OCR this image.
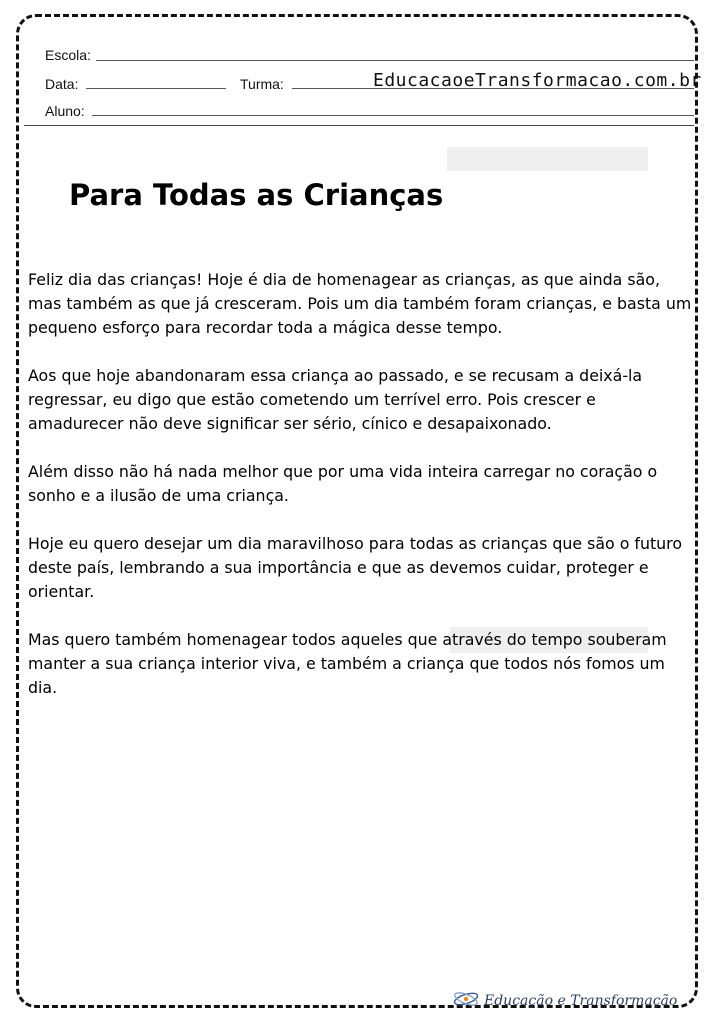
Escola:
Data:	Turma:	EducacaoeTransformacao.com.br
Aluno:
Para Todas as Crianças

Feliz dia das crianças! Hoje é dia de homenagear as crianças, as que ainda são, mas também as que já cresceram. Pois um dia também foram crianças, e basta um pequeno esforço para recordar toda a mágica desse tempo.

Aos que hoje abandonaram essa criança ao passado, e se recusam a deixá-la regressar, eu digo que estão cometendo um terrível erro. Pois crescer e amadurecer não deve significar ser sério, cínico e desapaixonado.

Além disso não há nada melhor que por uma vida inteira carregar no coração o sonho e a ilusão de uma criança.

Hoje eu quero desejar um dia maravilhoso para todas as crianças que são o futuro deste país, lembrando a sua importância e que as devemos cuidar, proteger e orientar.

Mas quero também homenagear todos aqueles que através do tempo souberam manter a sua criança interior viva, e também a criança que todos nós fomos um dia.

Educação e Transformação
